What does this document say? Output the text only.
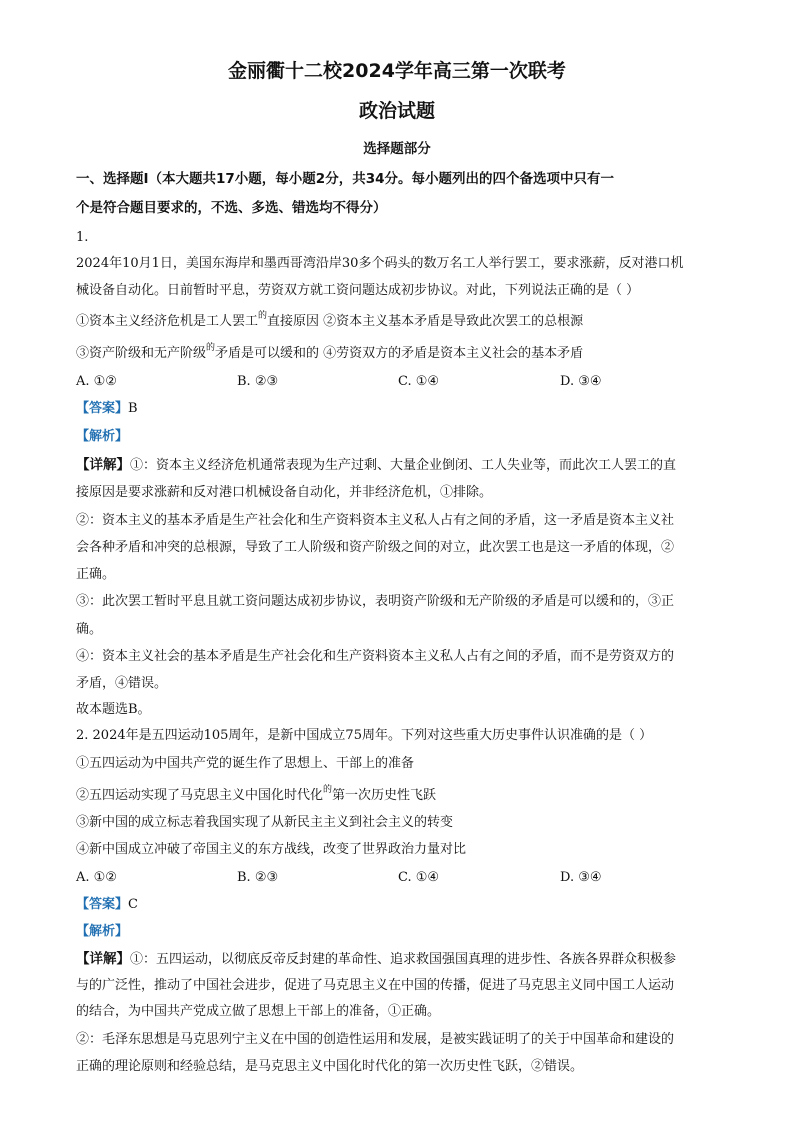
金丽衢十二校2024学年高三第一次联考
政治试题
选择题部分
一、选择题Ⅰ（本大题共17小题，每小题2分，共34分。每小题列出的四个备选项中只有一
个是符合题目要求的，不选、多选、错选均不得分）
1.
2024年10月1日，美国东海岸和墨西哥湾沿岸30多个码头的数万名工人举行罢工，要求涨薪，反对港口机
械设备自动化。日前暂时平息，劳资双方就工资问题达成初步协议。对此，下列说法正确的是（ ）
①资本主义经济危机是工人罢工$^的$直接原因 ②资本主义基本矛盾是导致此次罢工的总根源
③资产阶级和无产阶级$^的$矛盾是可以缓和的 ④劳资双方的矛盾是资本主义社会的基本矛盾
A. ①②	B. ②③	C. ①④	D. ③④
【答案】B
【解析】
【详解】①：资本主义经济危机通常表现为生产过剩、大量企业倒闭、工人失业等，而此次工人罢工的直
接原因是要求涨薪和反对港口机械设备自动化，并非经济危机，①排除。
②：资本主义的基本矛盾是生产社会化和生产资料资本主义私人占有之间的矛盾，这一矛盾是资本主义社
会各种矛盾和冲突的总根源，导致了工人阶级和资产阶级之间的对立，此次罢工也是这一矛盾的体现，②
正确。
③：此次罢工暂时平息且就工资问题达成初步协议，表明资产阶级和无产阶级的矛盾是可以缓和的，③正
确。
④：资本主义社会的基本矛盾是生产社会化和生产资料资本主义私人占有之间的矛盾，而不是劳资双方的
矛盾，④错误。
故本题选B。
2. 2024年是五四运动105周年，是新中国成立75周年。下列对这些重大历史事件认识准确的是（ ）
①五四运动为中国共产党的诞生作了思想上、干部上的准备
②五四运动实现了马克思主义中国化时代化$^的$第一次历史性飞跃
③新中国的成立标志着我国实现了从新民主主义到社会主义的转变
④新中国成立冲破了帝国主义的东方战线，改变了世界政治力量对比
A. ①②	B. ②③	C. ①④	D. ③④
【答案】C
【解析】
【详解】①：五四运动，以彻底反帝反封建的革命性、追求救国强国真理的进步性、各族各界群众积极参
与的广泛性，推动了中国社会进步，促进了马克思主义在中国的传播，促进了马克思主义同中国工人运动
的结合，为中国共产党成立做了思想上干部上的准备，①正确。
②：毛泽东思想是马克思列宁主义在中国的创造性运用和发展，是被实践证明了的关于中国革命和建设的
正确的理论原则和经验总结，是马克思主义中国化时代化的第一次历史性飞跃，②错误。
